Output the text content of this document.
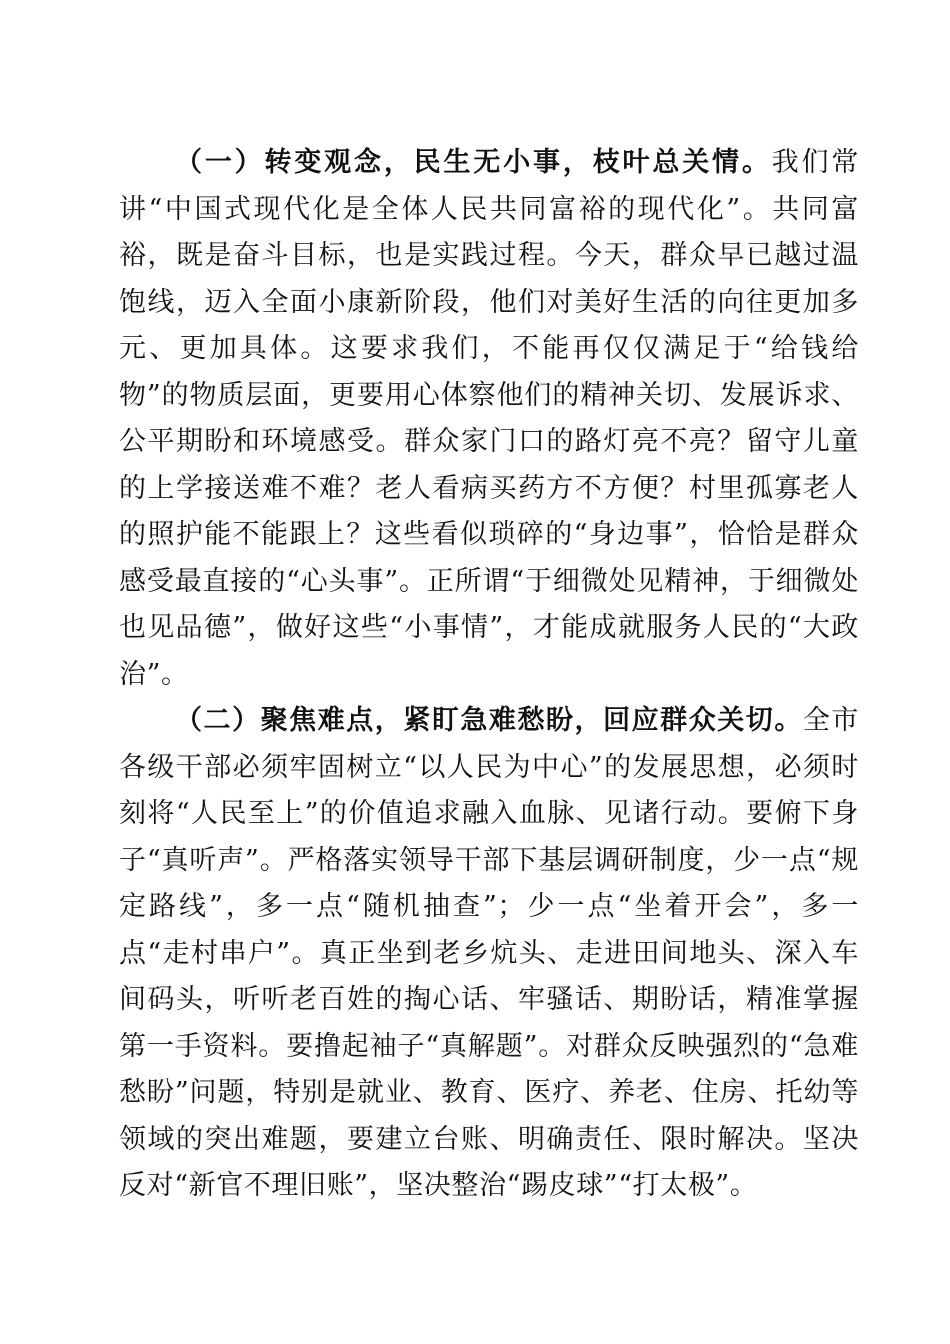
（一）转变观念，民生无小事，枝叶总关情。我们常讲“中国式现代化是全体人民共同富裕的现代化”。共同富裕，既是奋斗目标，也是实践过程。今天，群众早已越过温饱线，迈入全面小康新阶段，他们对美好生活的向往更加多元、更加具体。这要求我们，不能再仅仅满足于“给钱给物”的物质层面，更要用心体察他们的精神关切、发展诉求、公平期盼和环境感受。群众家门口的路灯亮不亮？留守儿童的上学接送难不难？老人看病买药方不方便？村里孤寡老人的照护能不能跟上？这些看似琐碎的“身边事”，恰恰是群众感受最直接的“心头事”。正所谓“于细微处见精神，于细微处也见品德”，做好这些“小事情”，才能成就服务人民的“大政治”。

（二）聚焦难点，紧盯急难愁盼，回应群众关切。全市各级干部必须牢固树立“以人民为中心”的发展思想，必须时刻将“人民至上”的价值追求融入血脉、见诸行动。要俯下身子“真听声”。严格落实领导干部下基层调研制度，少一点“规定路线”，多一点“随机抽查”；少一点“坐着开会”，多一点“走村串户”。真正坐到老乡炕头、走进田间地头、深入车间码头，听听老百姓的掏心话、牢骚话、期盼话，精准掌握第一手资料。要撸起袖子“真解题”。对群众反映强烈的“急难愁盼”问题，特别是就业、教育、医疗、养老、住房、托幼等领域的突出难题，要建立台账、明确责任、限时解决。坚决反对“新官不理旧账”，坚决整治“踢皮球”“打太极”。
